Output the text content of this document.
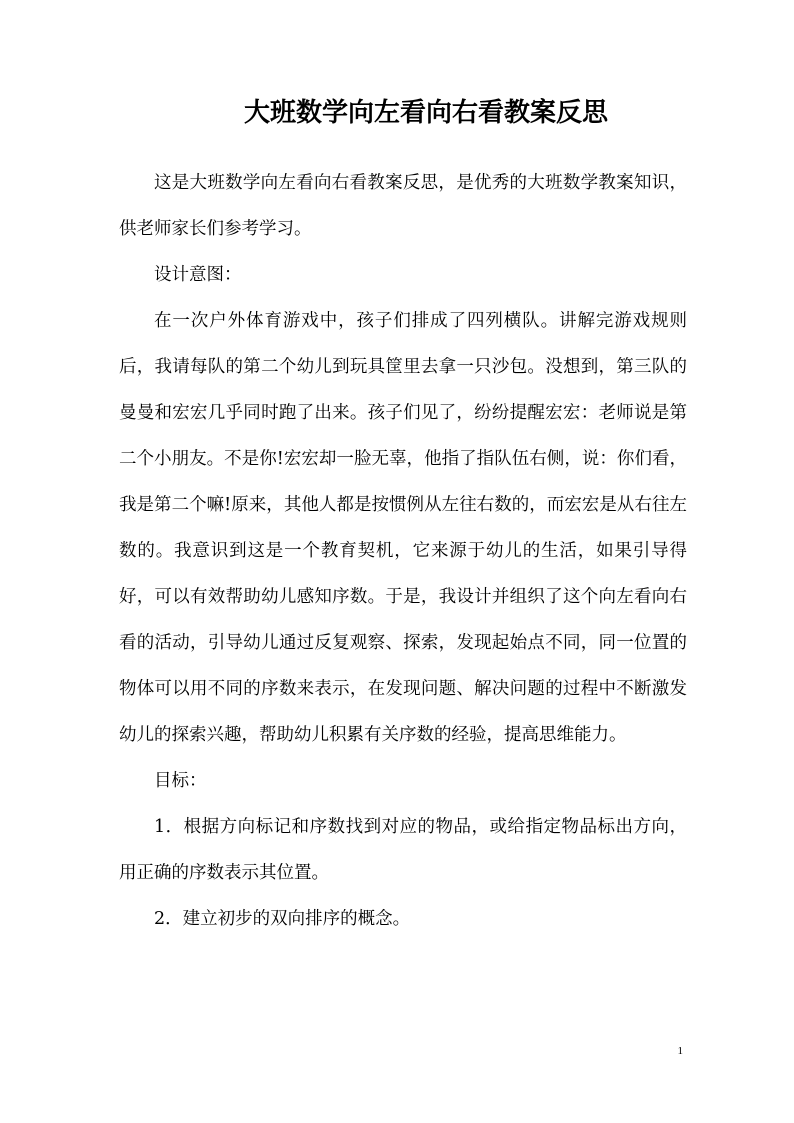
大班数学向左看向右看教案反思

这是大班数学向左看向右看教案反思，是优秀的大班数学教案知识，供老师家长们参考学习。

设计意图：

在一次户外体育游戏中，孩子们排成了四列横队。讲解完游戏规则后，我请每队的第二个幼儿到玩具筐里去拿一只沙包。没想到，第三队的曼曼和宏宏几乎同时跑了出来。孩子们见了，纷纷提醒宏宏：老师说是第二个小朋友。不是你!宏宏却一脸无辜，他指了指队伍右侧，说：你们看，我是第二个嘛!原来，其他人都是按惯例从左往右数的，而宏宏是从右往左数的。我意识到这是一个教育契机，它来源于幼儿的生活，如果引导得好，可以有效帮助幼儿感知序数。于是，我设计并组织了这个向左看向右看的活动，引导幼儿通过反复观察、探索，发现起始点不同，同一位置的物体可以用不同的序数来表示，在发现问题、解决问题的过程中不断激发幼儿的探索兴趣，帮助幼儿积累有关序数的经验，提高思维能力。

目标：

1．根据方向标记和序数找到对应的物品，或给指定物品标出方向，用正确的序数表示其位置。

2．建立初步的双向排序的概念。

1
